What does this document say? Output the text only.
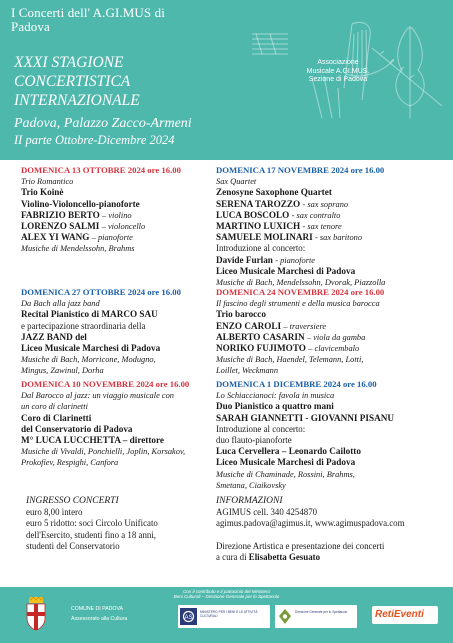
I Concerti dell' A.GI.MUS di
Padova
XXXI STAGIONE
CONCERTISTICA
INTERNAZIONALE
Padova, Palazzo Zacco-Armeni
II parte Ottobre-Dicembre 2024
Associazione
Musicale A.GI.MUS.
Sezione di Padova
DOMENICA 13 OTTOBRE 2024 ore 16.00
Trio Romantico
Trio Koinè
Violino-Violoncello-pianoforte
FABRIZIO BERTO – violino
LORENZO SALMI – violoncello
ALEX YI WANG – pianoforte
Musiche di Mendelssohn, Brahms
DOMENICA 27 OTTOBRE 2024 ore 16.00
Da Bach alla jazz band
Recital Pianistico di MARCO SAU
e partecipazione straordinaria della
JAZZ BAND del
Liceo Musicale Marchesi di Padova
Musiche di Bach, Morricone, Modugno,
Mingus, Zawinul, Dorha
DOMENICA 10 NOVEMBRE 2024 ore 16.00
Dal Barocco al jazz: un viaggio musicale con
un coro di clarinetti
Coro di Clarinetti
del Conservatorio di Padova
M° LUCA LUCCHETTA – direttore
Musiche di Vivaldi, Ponchielli, Joplin, Korsakov,
Prokofiev, Respighi, Canfora
DOMENICA 17 NOVEMBRE 2024 ore 16.00
Sax Quartet
Zenosyne Saxophone Quartet
SERENA TAROZZO - sax soprano
LUCA BOSCOLO - sax contralto
MARTINO LUXICH - sax tenore
SAMUELE MOLINARI - sax baritono
Introduzione al concerto:
Davide Furlan - pianoforte
Liceo Musicale Marchesi di Padova
Musiche di Bach, Mendelssohn, Dvorak, Piazzolla
DOMENICA 24 NOVEMBRE 2024 ore 16.00
Il fascino degli strumenti e della musica barocca
Trio barocco
ENZO CAROLI – traversiere
ALBERTO CASARIN – viola da gamba
NORIKO FUJIMOTO – clavicembalo
Musiche di Bach, Haendel, Telemann, Lotti,
Loillet, Weckmann
DOMENICA 1 DICEMBRE 2024 ore 16.00
Lo Schiaccianoci: favola in musica
Duo Pianistico a quattro mani
SARAH GIANNETTI - GIOVANNI PISANU
Introduzione al concerto:
duo flauto-pianoforte
Luca Cervellera – Leonardo Cailotto
Liceo Musicale Marchesi di Padova
Musiche di Chaminade, Rossini, Brahms,
Smetana, Ciaikovsky
INGRESSO CONCERTI
euro 8,00 intero
euro 5 ridotto: soci Circolo Unificato
dell'Esercito, studenti fino a 18 anni,
studenti del Conservatorio
INFORMAZIONI
AGIMUS cell. 340 4254870
agimus.padova@agimus.it, www.agimuspadova.com
Direzione Artistica e presentazione dei concerti
a cura di Elisabetta Gesuato
Con il contributo e il patrocinio del Ministero
Beni Culturali – Direzione Generale per lo Spettacolo
COMUNE DI PADOVA
Assessorato alla Cultura	AS
MINISTERO PER I BENI E LE ATTIVITÀ CULTURALI
Direzione Generale per lo Spettacolo	RetiEventi
